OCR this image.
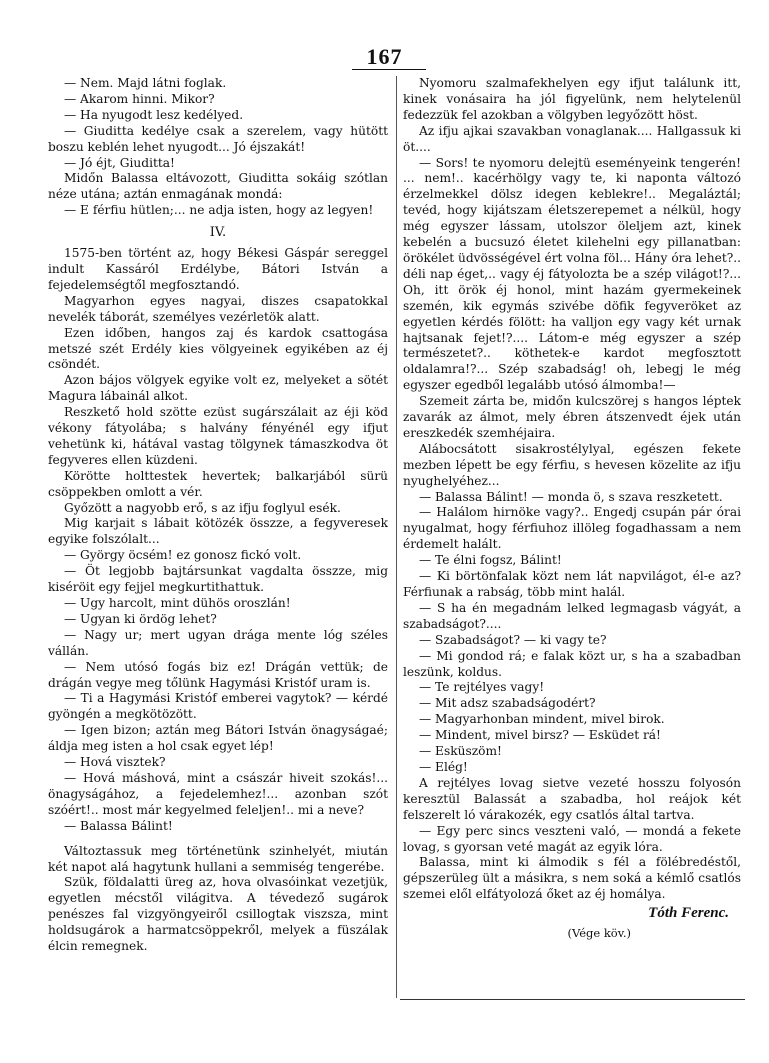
167

— Nem. Majd látni foglak.

— Akarom hinni. Mikor?

— Ha nyugodt lesz kedélyed.

— Giuditta kedélye csak a szerelem, vagy hütött boszu keblén lehet nyugodt... Jó éjszakát!

— Jó éjt, Giuditta!

Midőn Balassa eltávozott, Giuditta sokáig szótlan néze utána; aztán enmagának mondá:

— E férfiu hütlen;... ne adja isten, hogy az legyen!

IV.

1575-ben történt az, hogy Békesi Gáspár sereggel indult Kassáról Erdélybe, Bátori István a fejedelemségtől megfosztandó.

Magyarhon egyes nagyai, diszes csapatokkal nevelék táborát, személyes vezérletök alatt.

Ezen időben, hangos zaj és kardok csattogása metszé szét Erdély kies völgyeinek egyikében az éj csöndét.

Azon bájos völgyek egyike volt ez, melyeket a sötét Magura lábainál alkot.

Reszkető hold szötte ezüst sugárszálait az éji köd vékony fátyolába; s halvány fényénél egy ifjut vehetünk ki, hátával vastag tölgynek támaszkodva öt fegyveres ellen küzdeni.

Körötte holttestek hevertek; balkarjából sürü csöppekben omlott a vér.

Győzött a nagyobb erő, s az ifju foglyul esék.

Mig karjait s lábait kötözék összze, a fegyveresek egyike folszólalt...

— György öcsém! ez gonosz fickó volt.

— Öt legjobb bajtársunkat vagdalta összze, mig kiséröit egy fejjel megkurtithattuk.

— Ugy harcolt, mint dühös oroszlán!

— Ugyan ki ördög lehet?

— Nagy ur; mert ugyan drága mente lóg széles vállán.

— Nem utósó fogás biz ez! Drágán vettük; de drágán vegye meg tőlünk Hagymási Kristóf uram is.

— Ti a Hagymási Kristóf emberei vagytok? — kérdé gyöngén a megkötözött.

— Igen bizon; aztán meg Bátori István önagyságaé; áldja meg isten a hol csak egyet lép!

— Hová visztek?

— Hová máshová, mint a császár hiveit szokás!... önagyságához, a fejedelemhez!... azonban szót szóért!.. most már kegyelmed feleljen!.. mi a neve?

— Balassa Bálint!

Változtassuk meg történetünk szinhelyét, miután két napot alá hagytunk hullani a semmiség tengerébe.

Szük, földalatti üreg az, hova olvasóinkat vezetjük, egyetlen mécstől világitva. A tévedező sugárok penészes fal vizgyöngyeiről csillogtak viszsza, mint holdsugárok a harmatcsöppekről, melyek a füszálak élcin remegnek.

Nyomoru szalmafekhelyen egy ifjut találunk itt, kinek vonásaira ha jól figyelünk, nem helytelenül fedezzük fel azokban a völgyben legyőzött höst.

Az ifju ajkai szavakban vonaglanak.... Hallgassuk ki öt....

— Sors! te nyomoru delejtü eseményeink tengerén! ... nem!.. kacérhölgy vagy te, ki naponta változó érzelmekkel dölsz idegen keblekre!.. Megaláztál; tevéd, hogy kijátszam életszerepemet a nélkül, hogy még egyszer lássam, utolszor öleljem azt, kinek kebelén a bucsuzó életet kilehelni egy pillanatban: örökélet üdvösségével ért volna föl... Hány óra lehet?.. déli nap éget,.. vagy éj fátyolozta be a szép világot!?... Oh, itt örök éj honol, mint hazám gyermekeinek szemén, kik egymás szivébe döfik fegyveröket az egyetlen kérdés fölött: ha valljon egy vagy két urnak hajtsanak fejet!?.... Látom-e még egyszer a szép természetet?.. köthetek-e kardot megfosztott oldalamra!?... Szép szabadság! oh, lebegj le még egyszer egedből legalább utósó álmomba!—

Szemeit zárta be, midőn kulcszörej s hangos léptek zavarák az álmot, mely ébren átszenvedt éjek után ereszkedék szemhéjaira.

Alábocsátott sisakrostélylyal, egészen fekete mezben lépett be egy férfiu, s hevesen közelite az ifju nyughelyéhez...

— Balassa Bálint! — monda ö, s szava reszketett.

— Halálom hirnöke vagy?.. Engedj csupán pár órai nyugalmat, hogy férfiuhoz illöleg fogadhassam a nem érdemelt halált.

— Te élni fogsz, Bálint!

— Ki börtönfalak közt nem lát napvilágot, él-e az? Férfiunak a rabság, több mint halál.

— S ha én megadnám lelked legmagasb vágyát, a szabadságot?....

— Szabadságot? — ki vagy te?

— Mi gondod rá; e falak közt ur, s ha a szabadban leszünk, koldus.

— Te rejtélyes vagy!

— Mit adsz szabadságodért?

— Magyarhonban mindent, mivel birok.

— Mindent, mivel birsz? — Esküdet rá!

— Esküszöm!

— Elég!

A rejtélyes lovag sietve vezeté hosszu folyosón keresztül Balassát a szabadba, hol reájok két felszerelt ló várakozék, egy csatlós által tartva.

— Egy perc sincs veszteni való, — mondá a fekete lovag, s gyorsan veté magát az egyik lóra.

Balassa, mint ki álmodik s fél a fölébredéstől, gépszerüleg ült a másikra, s nem soká a kémlő csatlós szemei elől elfátyolozá őket az éj homálya.

Tóth Ferenc.
(Vége köv.)
